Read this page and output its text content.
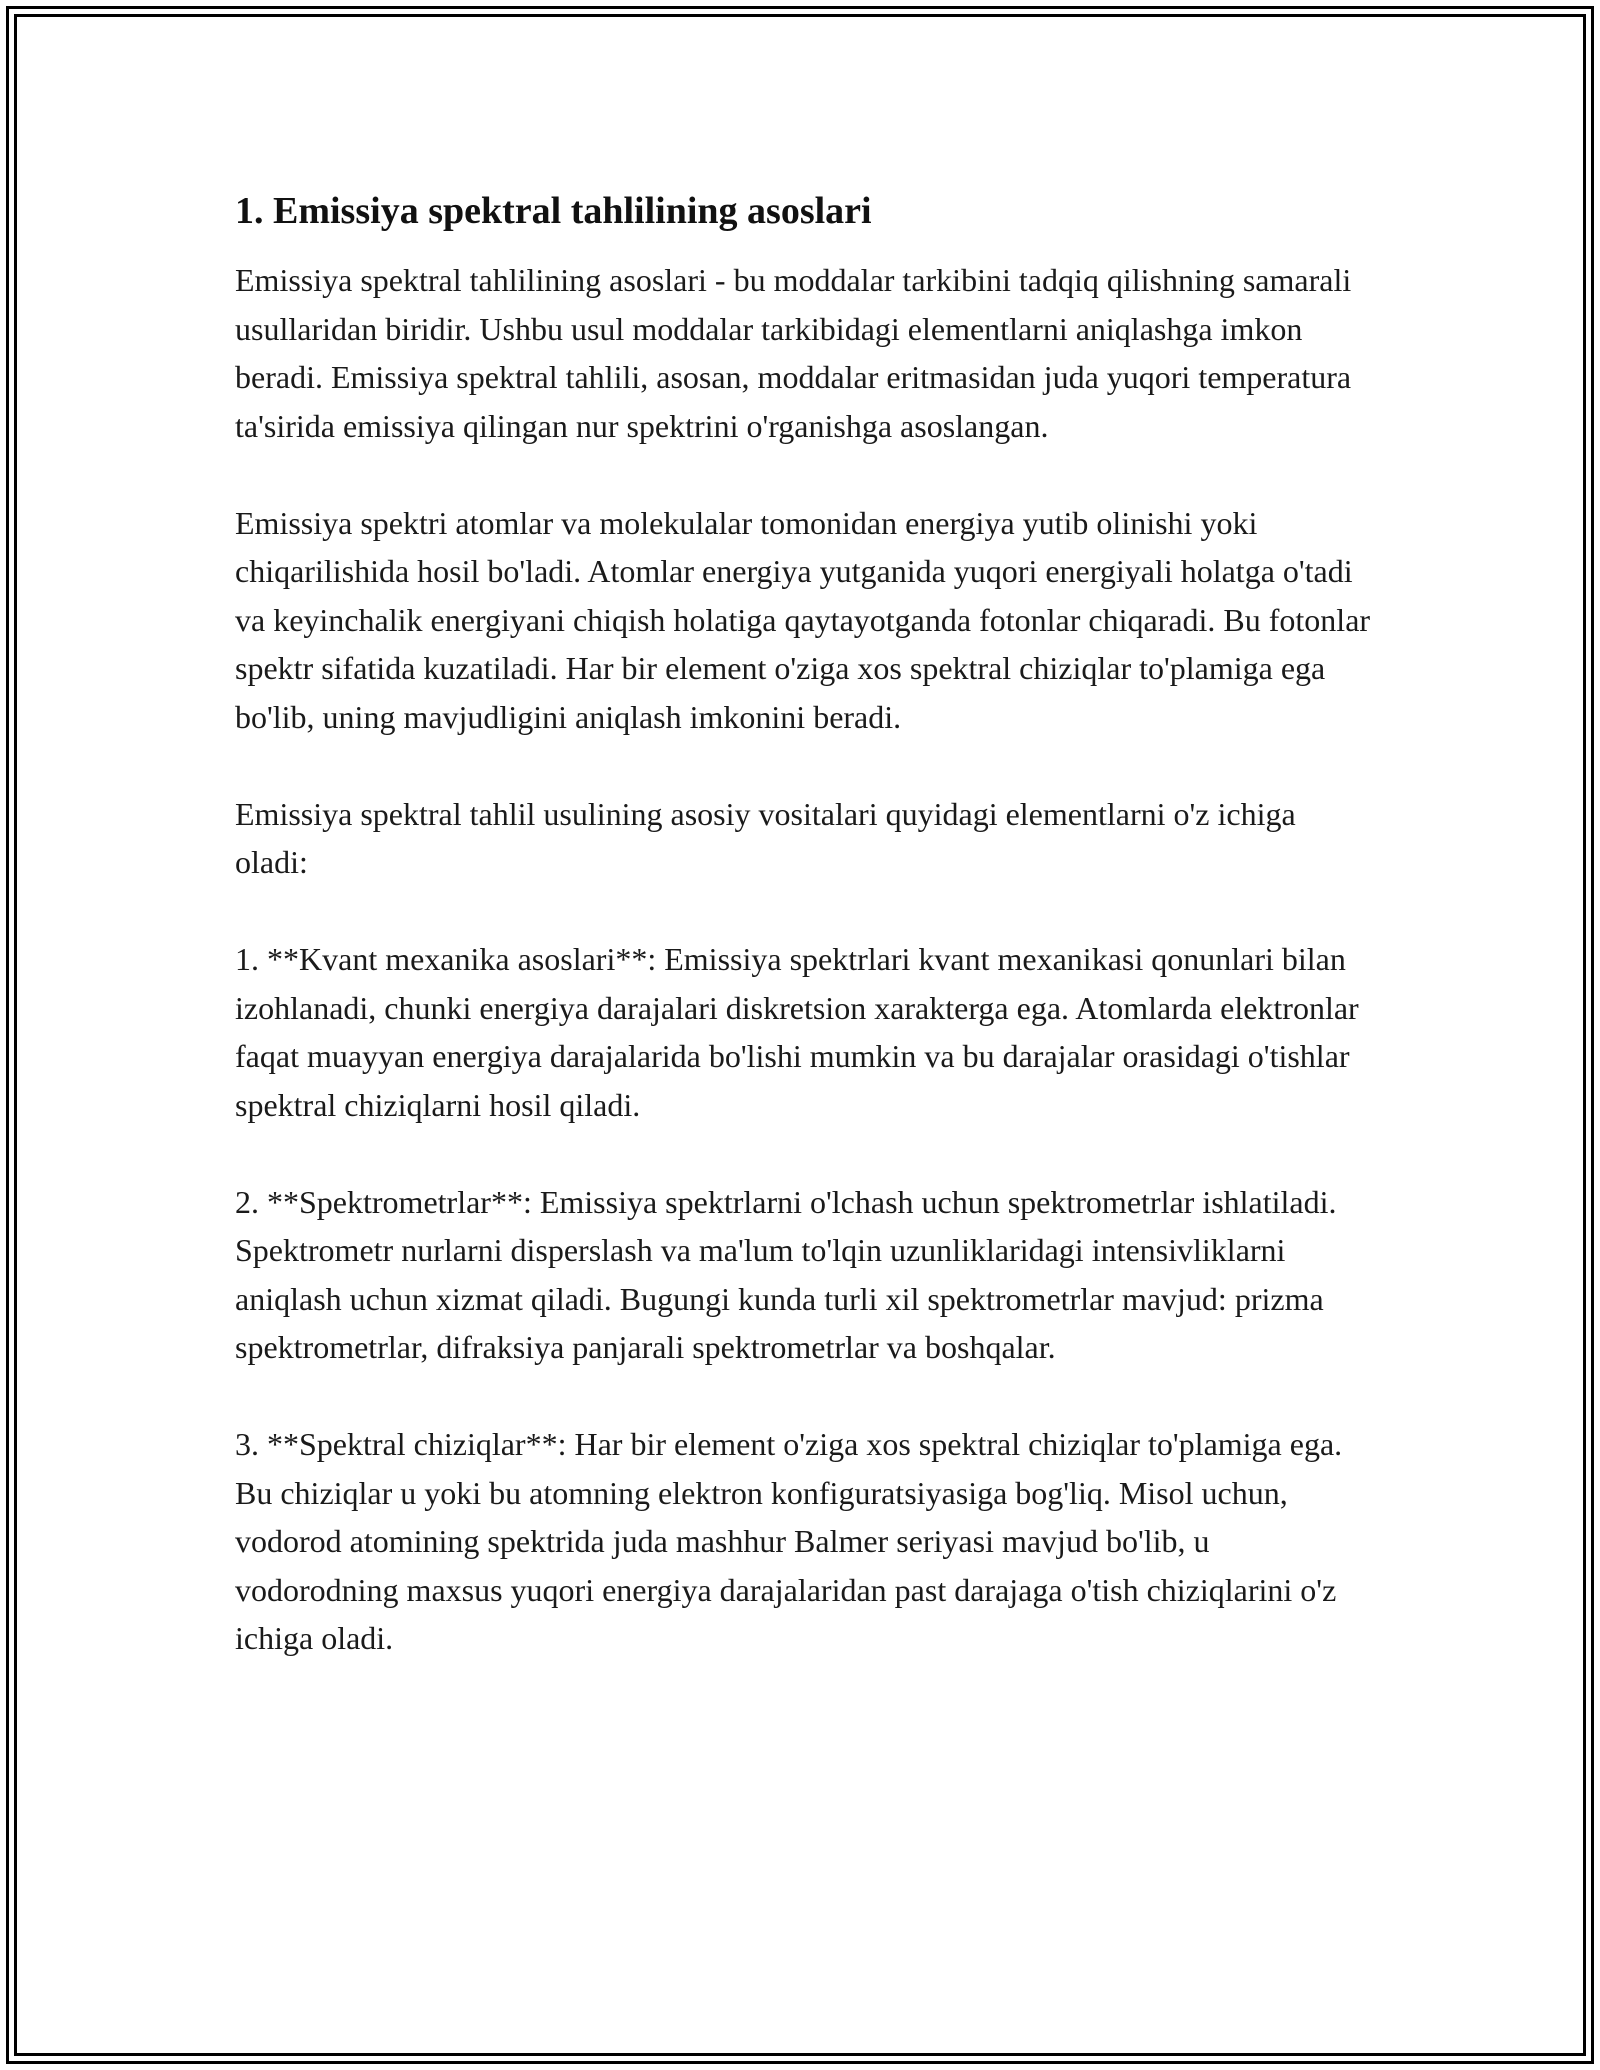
1. Emissiya spektral tahlilining asoslari

Emissiya spektral tahlilining asoslari - bu moddalar tarkibini tadqiq qilishning samarali usullaridan biridir. Ushbu usul moddalar tarkibidagi elementlarni aniqlashga imkon beradi. Emissiya spektral tahlili, asosan, moddalar eritmasidan juda yuqori temperatura ta'sirida emissiya qilingan nur spektrini o'rganishga asoslangan.

Emissiya spektri atomlar va molekulalar tomonidan energiya yutib olinishi yoki chiqarilishida hosil bo'ladi. Atomlar energiya yutganida yuqori energiyali holatga o'tadi va keyinchalik energiyani chiqish holatiga qaytayotganda fotonlar chiqaradi. Bu fotonlar spektr sifatida kuzatiladi. Har bir element o'ziga xos spektral chiziqlar to'plamiga ega bo'lib, uning mavjudligini aniqlash imkonini beradi.

Emissiya spektral tahlil usulining asosiy vositalari quyidagi elementlarni o'z ichiga oladi:

1. **Kvant mexanika asoslari**: Emissiya spektrlari kvant mexanikasi qonunlari bilan izohlanadi, chunki energiya darajalari diskretsion xarakterga ega. Atomlarda elektronlar faqat muayyan energiya darajalarida bo'lishi mumkin va bu darajalar orasidagi o'tishlar spektral chiziqlarni hosil qiladi.

2. **Spektrometrlar**: Emissiya spektrlarni o'lchash uchun spektrometrlar ishlatiladi. Spektrometr nurlarni disperslash va ma'lum to'lqin uzunliklaridagi intensivliklarni aniqlash uchun xizmat qiladi. Bugungi kunda turli xil spektrometrlar mavjud: prizma spektrometrlar, difraksiya panjarali spektrometrlar va boshqalar.

3. **Spektral chiziqlar**: Har bir element o'ziga xos spektral chiziqlar to'plamiga ega. Bu chiziqlar u yoki bu atomning elektron konfiguratsiyasiga bog'liq. Misol uchun, vodorod atomining spektrida juda mashhur Balmer seriyasi mavjud bo'lib, u vodorodning maxsus yuqori energiya darajalaridan past darajaga o'tish chiziqlarini o'z ichiga oladi.
